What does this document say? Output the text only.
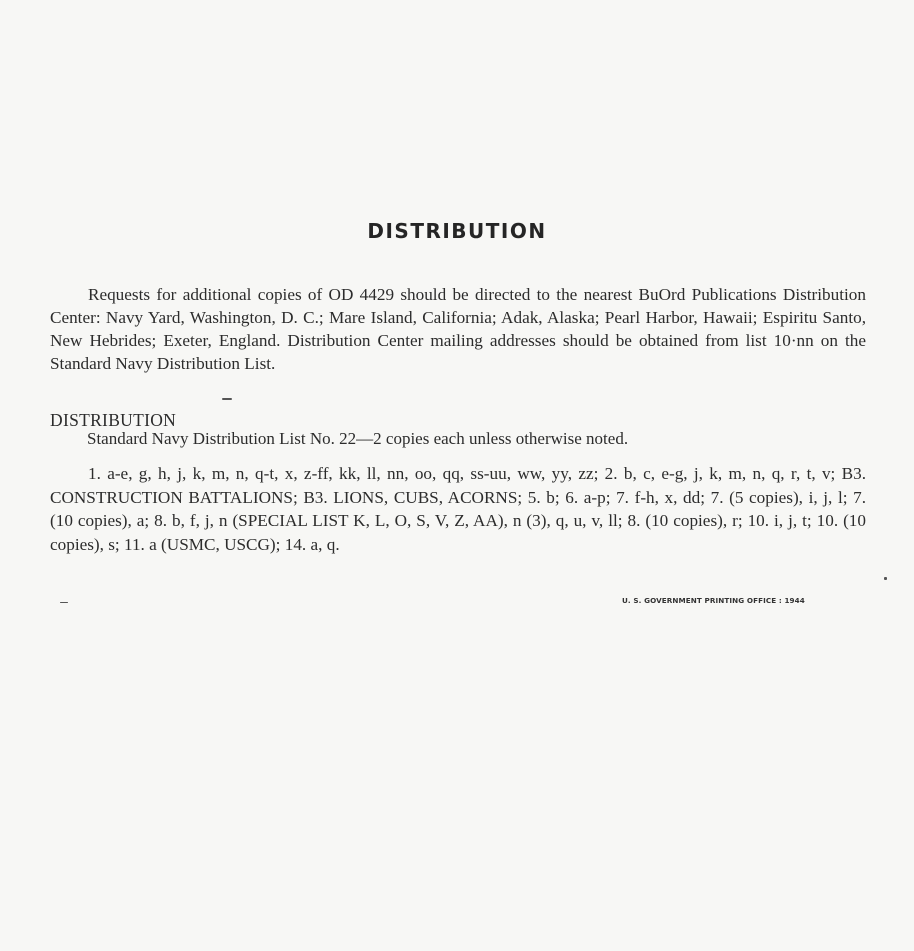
DISTRIBUTION
Requests for additional copies of OD 4429 should be directed to the nearest BuOrd Publications Distribution Center: Navy Yard, Washington, D. C.; Mare Island, California; Adak, Alaska; Pearl Harbor, Hawaii; Espiritu Santo, New Hebrides; Exeter, England. Distribution Center mailing addresses should be obtained from list 10·nn on the Standard Navy Distribution List.
DISTRIBUTION
Standard Navy Distribution List No. 22—2 copies each unless otherwise noted.
1. a-e, g, h, j, k, m, n, q-t, x, z-ff, kk, ll, nn, oo, qq, ss-uu, ww, yy, zz; 2. b, c, e-g, j, k, m, n, q, r, t, v; B3. CONSTRUCTION BATTALIONS; B3. LIONS, CUBS, ACORNS; 5. b; 6. a-p; 7. f-h, x, dd; 7. (5 copies), i, j, l; 7. (10 copies), a; 8. b, f, j, n (SPECIAL LIST K, L, O, S, V, Z, AA), n (3), q, u, v, ll; 8. (10 copies), r; 10. i, j, t; 10. (10 copies), s; 11. a (USMC, USCG); 14. a, q.
U. S. GOVERNMENT PRINTING OFFICE : 1944
